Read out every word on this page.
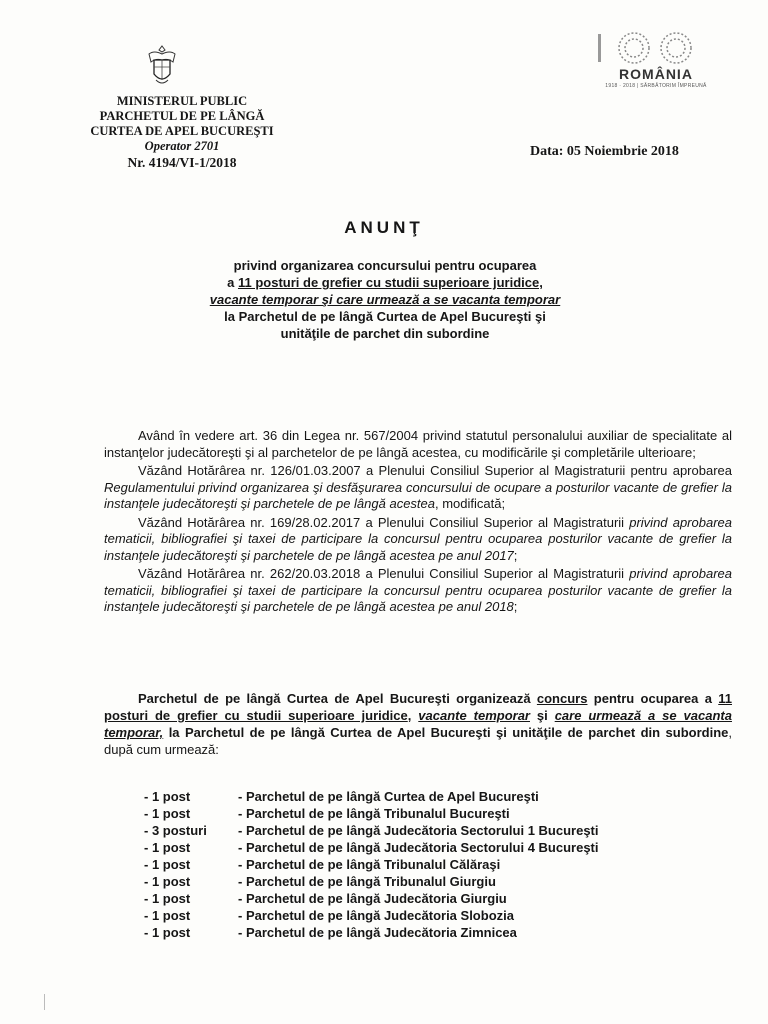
MINISTERUL PUBLIC
PARCHETUL DE PE LÂNGĂ
CURTEA DE APEL BUCUREŞTI
Operator 2701
Nr. 4194/VI-1/2018
ROMÂNIA
1918 · 2018 | SĂRBĂTORIM ÎMPREUNĂ
Data: 05 Noiembrie 2018
ANUNŢ
privind organizarea concursului pentru ocuparea
a 11 posturi de grefier cu studii superioare juridice,
vacante temporar şi care urmează a se vacanta temporar
la Parchetul de pe lângă Curtea de Apel Bucureşti şi
unităţile de parchet din subordine

Având în vedere art. 36 din Legea nr. 567/2004 privind statutul personalului auxiliar de specialitate al instanţelor judecătoreşti şi al parchetelor de pe lângă acestea, cu modificările şi completările ulterioare;

Văzând Hotărârea nr. 126/01.03.2007 a Plenului Consiliul Superior al Magistraturii pentru aprobarea Regulamentului privind organizarea şi desfăşurarea concursului de ocupare a posturilor vacante de grefier la instanţele judecătoreşti şi parchetele de pe lângă acestea, modificată;

Văzând Hotărârea nr. 169/28.02.2017 a Plenului Consiliul Superior al Magistraturii privind aprobarea tematicii, bibliografiei şi taxei de participare la concursul pentru ocuparea posturilor vacante de grefier la instanţele judecătoreşti şi parchetele de pe lângă acestea pe anul 2017;

Văzând Hotărârea nr. 262/20.03.2018 a Plenului Consiliul Superior al Magistraturii privind aprobarea tematicii, bibliografiei şi taxei de participare la concursul pentru ocuparea posturilor vacante de grefier la instanţele judecătoreşti şi parchetele de pe lângă acestea pe anul 2018;

Parchetul de pe lângă Curtea de Apel Bucureşti organizează concurs pentru ocuparea a 11 posturi de grefier cu studii superioare juridice, vacante temporar şi care urmează a se vacanta temporar, la Parchetul de pe lângă Curtea de Apel Bucureşti şi unităţile de parchet din subordine, după cum urmează:
- 1 post	- Parchetul de pe lângă Curtea de Apel Bucureşti
- 1 post	- Parchetul de pe lângă Tribunalul Bucureşti
- 3 posturi	- Parchetul de pe lângă Judecătoria Sectorului 1 Bucureşti
- 1 post	- Parchetul de pe lângă Judecătoria Sectorului 4 Bucureşti
- 1 post	- Parchetul de pe lângă Tribunalul Călăraşi
- 1 post	- Parchetul de pe lângă Tribunalul Giurgiu
- 1 post	- Parchetul de pe lângă Judecătoria Giurgiu
- 1 post	- Parchetul de pe lângă Judecătoria Slobozia
- 1 post	- Parchetul de pe lângă Judecătoria Zimnicea
